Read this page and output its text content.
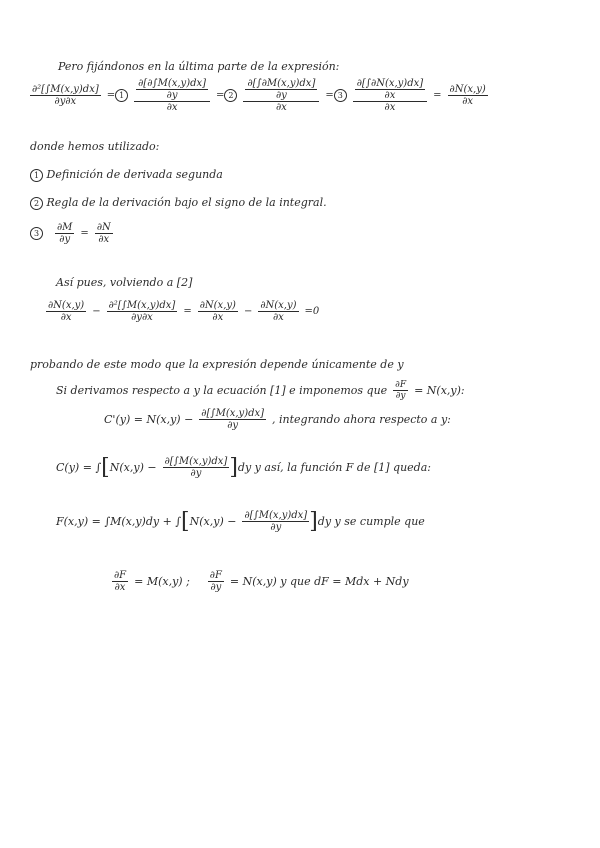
Pero fijándonos en la última parte de la expresión:
$\frac{\text{∂²[∫M(x,y)dx]}}{\partial y\partial x} = 1 \frac{\frac{\partial[\partial\int M(x,y)dx]}{\partial y}}{\partial x} = 2 \frac{\frac{\partial[\int\partial M(x,y)dx]}{\partial y}}{\partial x} = 3 \frac{\frac{\partial[\int\partial N(x,y)dx]}{\partial x}}{\partial x} = \frac{\partial N(x,y)}{\partial x}$
donde hemos utilizado:
1 Definición de derivada segunda
2 Regla de la derivación bajo el signo de la integral.
3	$\frac{\partial M}{\partial y} = \frac{\partial N}{\partial x}$
Así pues, volviendo a [2]
$\frac{\partial N(x,y)}{\partial x} - \frac{\text{∂²[∫M(x,y)dx]}}{\partial y\partial x} = \frac{\partial N(x,y)}{\partial x} - \frac{\partial N(x,y)}{\partial x} =0$
probando de este modo que la expresión depende únicamente de y
Si derivamos respecto a y la ecuación [1] e imponemos que $\frac{\partial F}{\partial y} = N(x,y)$:
$C'(y) = N(x,y) - \frac{\partial[\int M(x,y)dx]}{\partial y}$ , integrando ahora respecto a y:
C(y) = ∫ [ $N(x,y) - \frac{\partial[\int M(x,y)dx]}{\partial y}$ ] dy y así, la función F de [1] queda:
F(x,y) = ∫M(x,y)dy + ∫ [ $N(x,y) - \frac{\partial[\int M(x,y)dx]}{\partial y}$ ] dy y se cumple que
$\frac{\partial F}{\partial x} = M(x,y)$ ; $\frac{\partial F}{\partial y} = N(x,y)$ y que dF = Mdx + Ndy
